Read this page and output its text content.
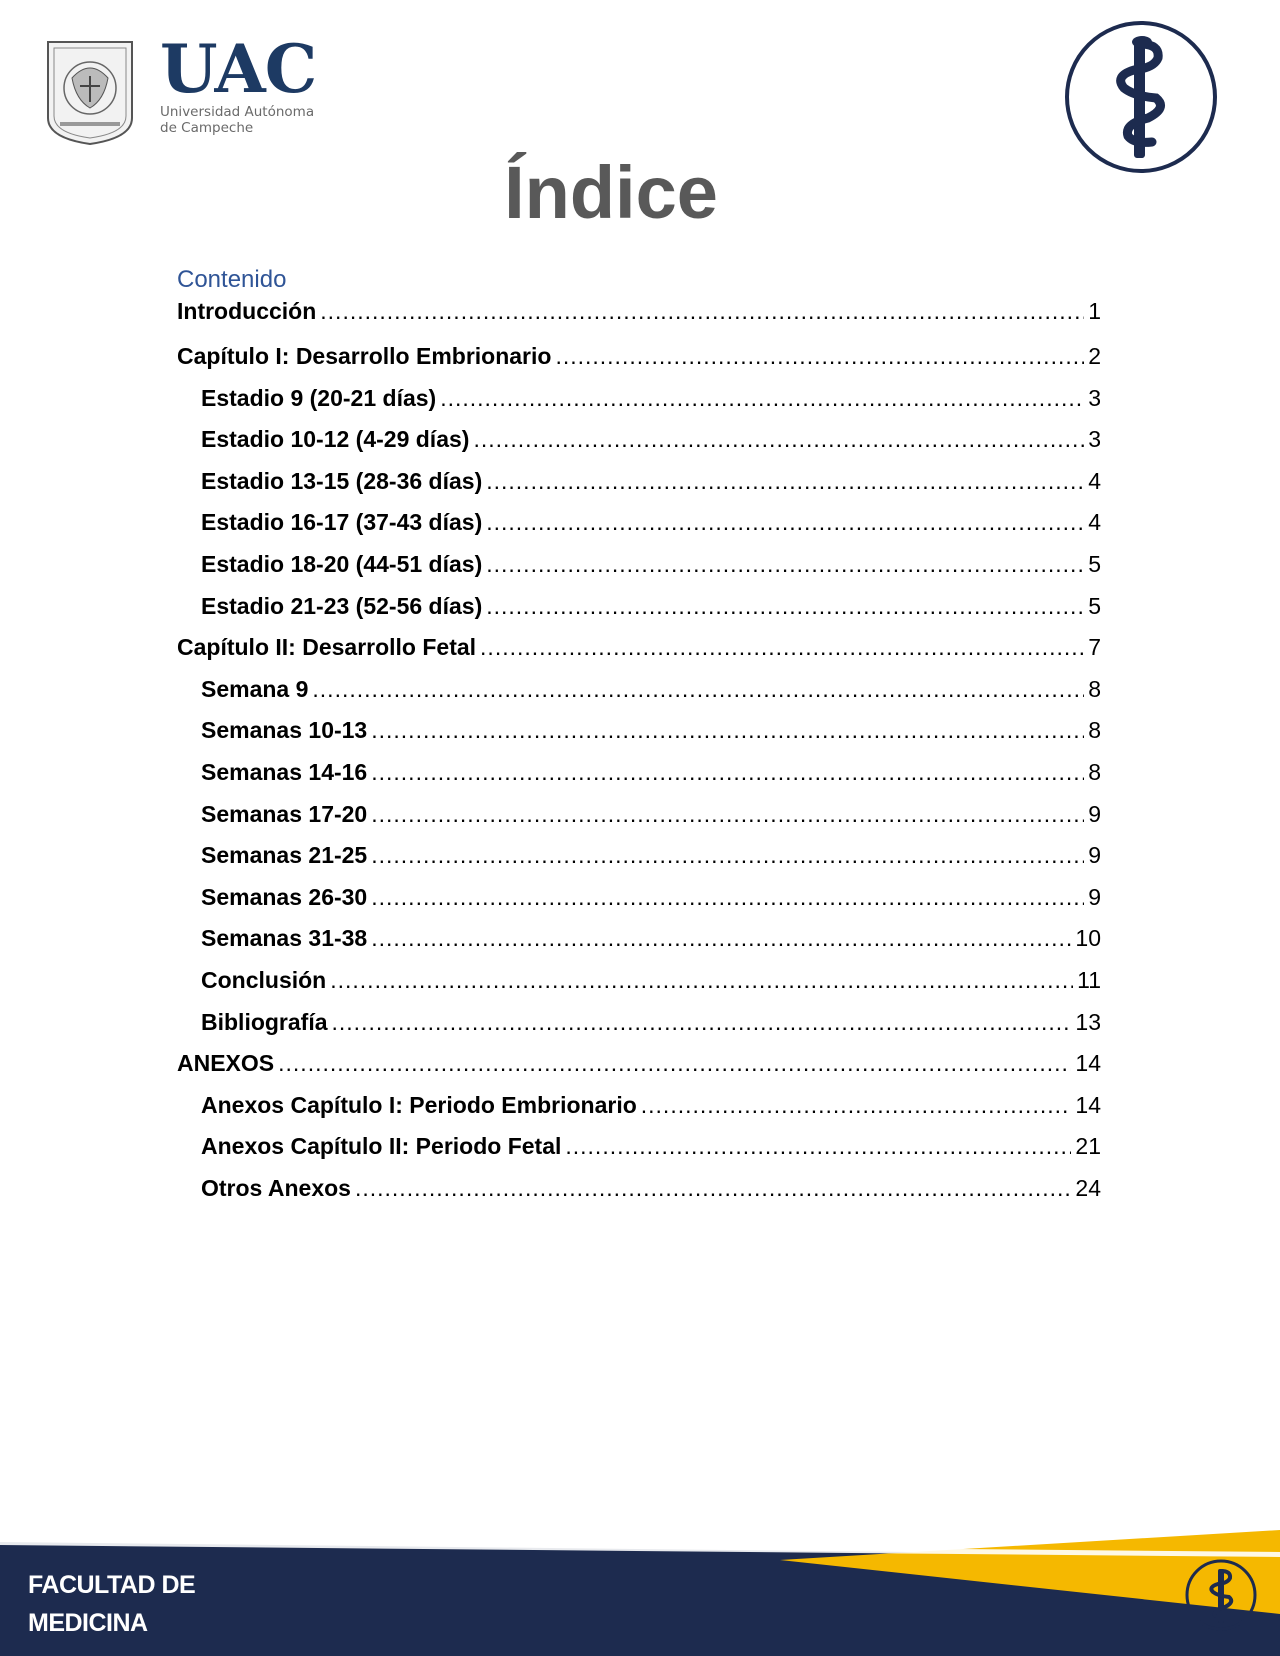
UAC
Universidad Autónoma
de Campeche
Índice
Contenido
Introducción .....	1
Capítulo I: Desarrollo Embrionario .....	2
Estadio 9 (20-21 días) .....	3
Estadio 10-12 (4-29 días) .....	3
Estadio 13-15 (28-36 días) .....	4
Estadio 16-17 (37-43 días) .....	4
Estadio 18-20 (44-51 días) .....	5
Estadio 21-23 (52-56 días) .....	5
Capítulo II: Desarrollo Fetal .....	7
Semana 9 .....	8
Semanas 10-13 .....	8
Semanas 14-16 .....	8
Semanas 17-20 .....	9
Semanas 21-25 .....	9
Semanas 26-30 .....	9
Semanas 31-38 .....	10
Conclusión .....	11
Bibliografía .....	13
ANEXOS .....	14
Anexos Capítulo I: Periodo Embrionario .....	14
Anexos Capítulo II: Periodo Fetal .....	21
Otros Anexos .....	24
FACULTAD DE
MEDICINA
